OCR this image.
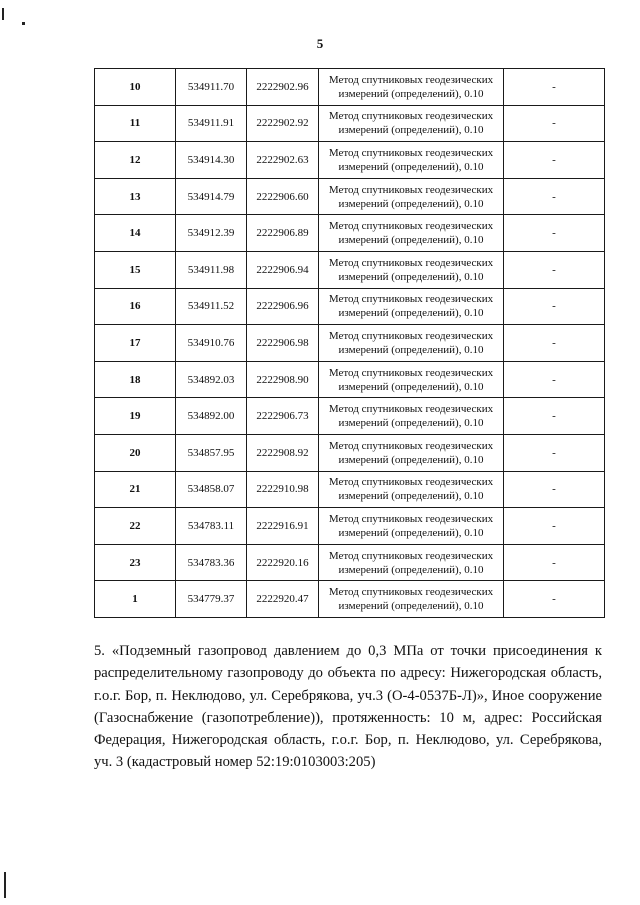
5
10	534911.70	2222902.96	Метод спутниковых геодезических
измерений (определений), 0.10	-
11	534911.91	2222902.92	Метод спутниковых геодезических
измерений (определений), 0.10	-
12	534914.30	2222902.63	Метод спутниковых геодезических
измерений (определений), 0.10	-
13	534914.79	2222906.60	Метод спутниковых геодезических
измерений (определений), 0.10	-
14	534912.39	2222906.89	Метод спутниковых геодезических
измерений (определений), 0.10	-
15	534911.98	2222906.94	Метод спутниковых геодезических
измерений (определений), 0.10	-
16	534911.52	2222906.96	Метод спутниковых геодезических
измерений (определений), 0.10	-
17	534910.76	2222906.98	Метод спутниковых геодезических
измерений (определений), 0.10	-
18	534892.03	2222908.90	Метод спутниковых геодезических
измерений (определений), 0.10	-
19	534892.00	2222906.73	Метод спутниковых геодезических
измерений (определений), 0.10	-
20	534857.95	2222908.92	Метод спутниковых геодезических
измерений (определений), 0.10	-
21	534858.07	2222910.98	Метод спутниковых геодезических
измерений (определений), 0.10	-
22	534783.11	2222916.91	Метод спутниковых геодезических
измерений (определений), 0.10	-
23	534783.36	2222920.16	Метод спутниковых геодезических
измерений (определений), 0.10	-
1	534779.37	2222920.47	Метод спутниковых геодезических
измерений (определений), 0.10	-
5. «Подземный газопровод давлением до 0,3 МПа от точки присоединения к распределительному газопроводу до объекта по адресу: Нижегородская область, г.о.г. Бор, п. Неклюдово, ул. Серебрякова, уч.3 (О-4-0537Б-Л)», Иное сооружение (Газоснабжение (газопотребление)), протяженность: 10 м, адрес: Российская Федерация, Нижегородская область, г.о.г. Бор, п. Неклюдово, ул. Серебрякова, уч. 3 (кадастровый номер 52:19:0103003:205)
